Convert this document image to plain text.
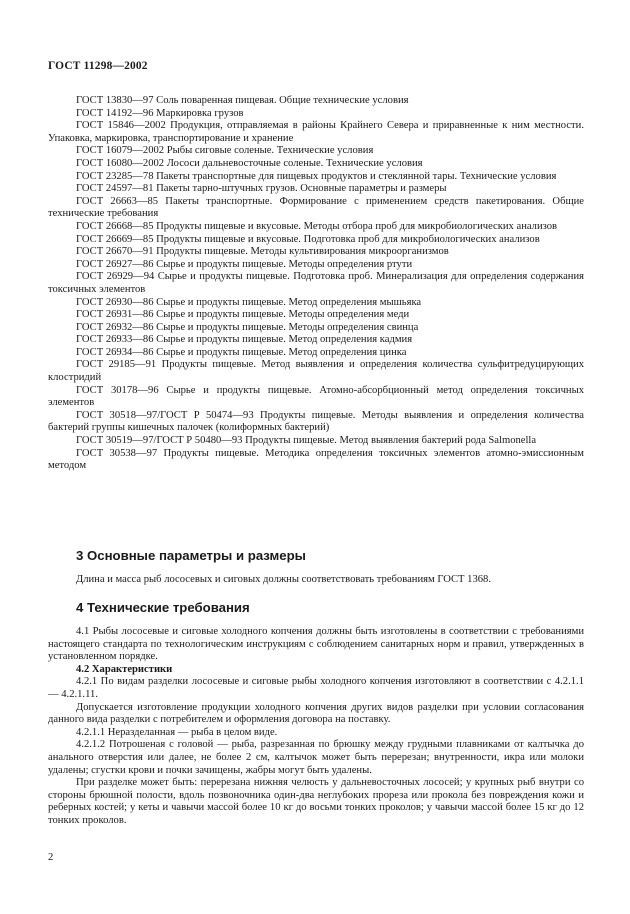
ГОСТ 11298—2002

ГОСТ 13830—97 Соль поваренная пищевая. Общие технические условия

ГОСТ 14192—96 Маркировка грузов

ГОСТ 15846—2002 Продукция, отправляемая в районы Крайнего Севера и приравненные к ним местности. Упаковка, маркировка, транспортирование и хранение

ГОСТ 16079—2002 Рыбы сиговые соленые. Технические условия

ГОСТ 16080—2002 Лососи дальневосточные соленые. Технические условия

ГОСТ 23285—78 Пакеты транспортные для пищевых продуктов и стеклянной тары. Технические условия

ГОСТ 24597—81 Пакеты тарно-штучных грузов. Основные параметры и размеры

ГОСТ 26663—85 Пакеты транспортные. Формирование с применением средств пакетирования. Общие технические требования

ГОСТ 26668—85 Продукты пищевые и вкусовые. Методы отбора проб для микробиологических анализов

ГОСТ 26669—85 Продукты пищевые и вкусовые. Подготовка проб для микробиологических анализов

ГОСТ 26670—91 Продукты пищевые. Методы культивирования микроорганизмов

ГОСТ 26927—86 Сырье и продукты пищевые. Методы определения ртути

ГОСТ 26929—94 Сырье и продукты пищевые. Подготовка проб. Минерализация для определения содержания токсичных элементов

ГОСТ 26930—86 Сырье и продукты пищевые. Метод определения мышьяка

ГОСТ 26931—86 Сырье и продукты пищевые. Методы определения меди

ГОСТ 26932—86 Сырье и продукты пищевые. Методы определения свинца

ГОСТ 26933—86 Сырье и продукты пищевые. Метод определения кадмия

ГОСТ 26934—86 Сырье и продукты пищевые. Метод определения цинка

ГОСТ 29185—91 Продукты пищевые. Метод выявления и определения количества сульфитредуцирующих клостридий

ГОСТ 30178—96 Сырье и продукты пищевые. Атомно-абсорбционный метод определения токсичных элементов

ГОСТ 30518—97/ГОСТ Р 50474—93 Продукты пищевые. Методы выявления и определения количества бактерий группы кишечных палочек (колиформных бактерий)

ГОСТ 30519—97/ГОСТ Р 50480—93 Продукты пищевые. Метод выявления бактерий рода Salmonella

ГОСТ 30538—97 Продукты пищевые. Методика определения токсичных элементов атомно-эмиссионным методом

3 Основные параметры и размеры

Длина и масса рыб лососевых и сиговых должны соответствовать требованиям ГОСТ 1368.

4 Технические требования

4.1 Рыбы лососевые и сиговые холодного копчения должны быть изготовлены в соответствии с требованиями настоящего стандарта по технологическим инструкциям с соблюдением санитарных норм и правил, утвержденных в установленном порядке.

4.2 Характеристики

4.2.1 По видам разделки лососевые и сиговые рыбы холодного копчения изготовляют в соответствии с 4.2.1.1 — 4.2.1.11.

Допускается изготовление продукции холодного копчения других видов разделки при условии согласования данного вида разделки с потребителем и оформления договора на поставку.

4.2.1.1 Неразделанная — рыба в целом виде.

4.2.1.2 Потрошеная с головой — рыба, разрезанная по брюшку между грудными плавниками от калтычка до анального отверстия или далее, не более 2 см, калтычок может быть перерезан; внутренности, икра или молоки удалены; сгустки крови и почки зачищены, жабры могут быть удалены.

При разделке может быть: перерезана нижняя челюсть у дальневосточных лососей; у крупных рыб внутри со стороны брюшной полости, вдоль позвоночника один-два неглубоких прореза или прокола без повреждения кожи и реберных костей; у кеты и чавычи массой более 10 кг до восьми тонких проколов; у чавычи массой более 15 кг до 12 тонких проколов.

2
